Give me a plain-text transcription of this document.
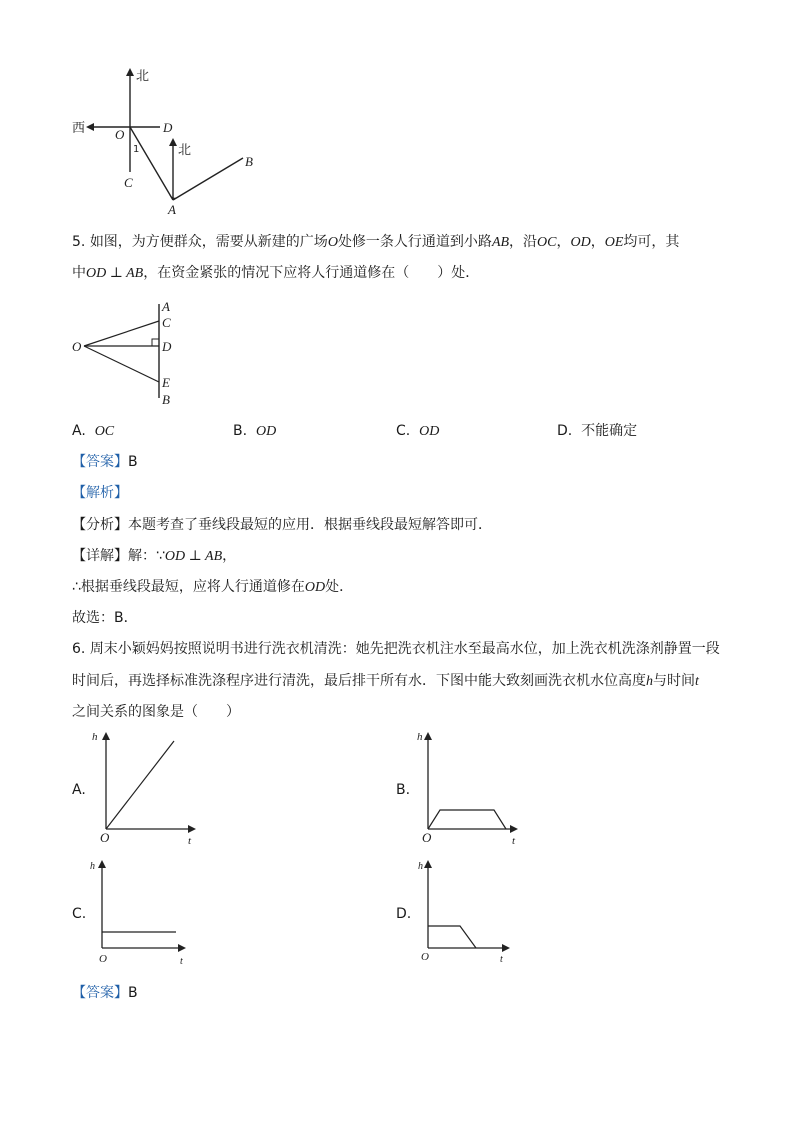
北
西 O	D
1
C
北
B
A
5. 如图，为方便群众，需要从新建的广场O处修一条人行通道到小路AB，沿OC，OD，OE均可，其
中OD ⊥ AB，在资金紧张的情况下应将人行通道修在（　　）处．
A
C
O	D
E
B
A. OC	B. OD	C. OD	D. 不能确定
【答案】B
【解析】
【分析】本题考查了垂线段最短的应用．根据垂线段最短解答即可．
【详解】解：∵OD ⊥ AB，
∴根据垂线段最短，应将人行通道修在OD处．
故选：B．
6. 周末小颖妈妈按照说明书进行洗衣机清洗：她先把洗衣机注水至最高水位，加上洗衣机洗涤剂静置一段
时间后，再选择标准洗涤程序进行清洗，最后排干所有水．下图中能大致刻画洗衣机水位高度h与时间t
之间关系的图象是（　　）
A.
h
O	t
B.
h
O	t
C.
h
O	t
D.
h
O	t
【答案】B
